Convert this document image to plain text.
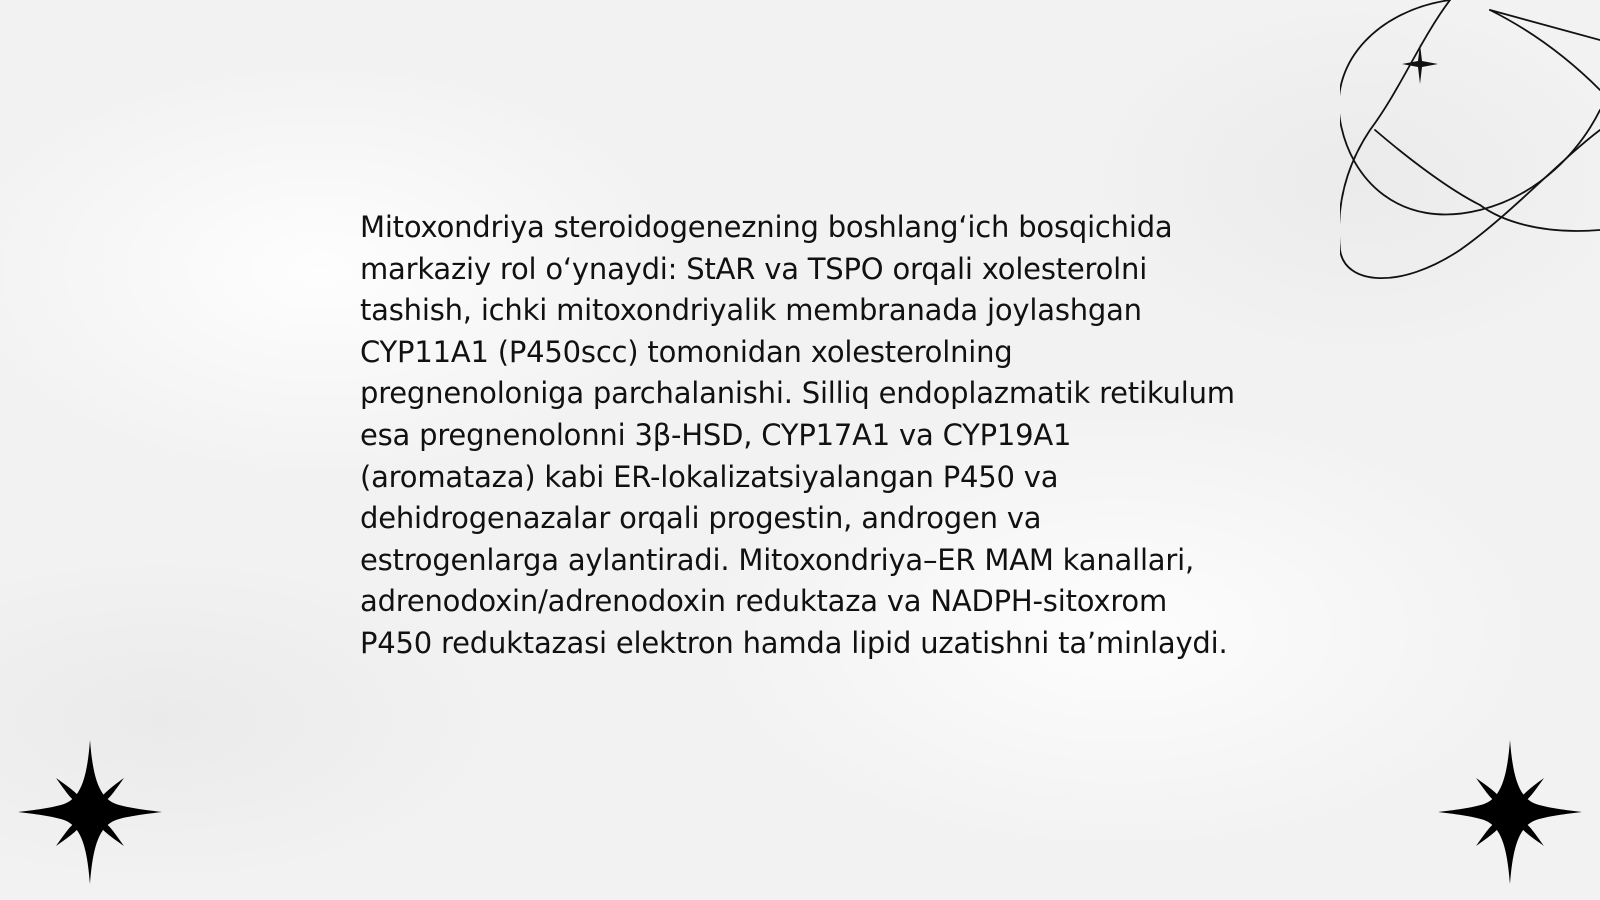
Mitoxondriya steroidogenezning boshlang‘ich bosqichida markaziy rol o‘ynaydi: StAR va TSPO orqali xolesterolni tashish, ichki mitoxondriyalik membranada joylashgan CYP11A1 (P450scc) tomonidan xolesterolning pregnenoloniga parchalanishi. Silliq endoplazmatik retikulum esa pregnenolonni 3β-HSD, CYP17A1 va CYP19A1 (aromataza) kabi ER-lokalizatsiyalangan P450 va dehidrogenazalar orqali progestin, androgen va estrogenlarga aylantiradi. Mitoxondriya–ER MAM kanallari, adrenodoxin/adrenodoxin reduktaza va NADPH-sitoxrom P450 reduktazasi elektron hamda lipid uzatishni ta’minlaydi.
